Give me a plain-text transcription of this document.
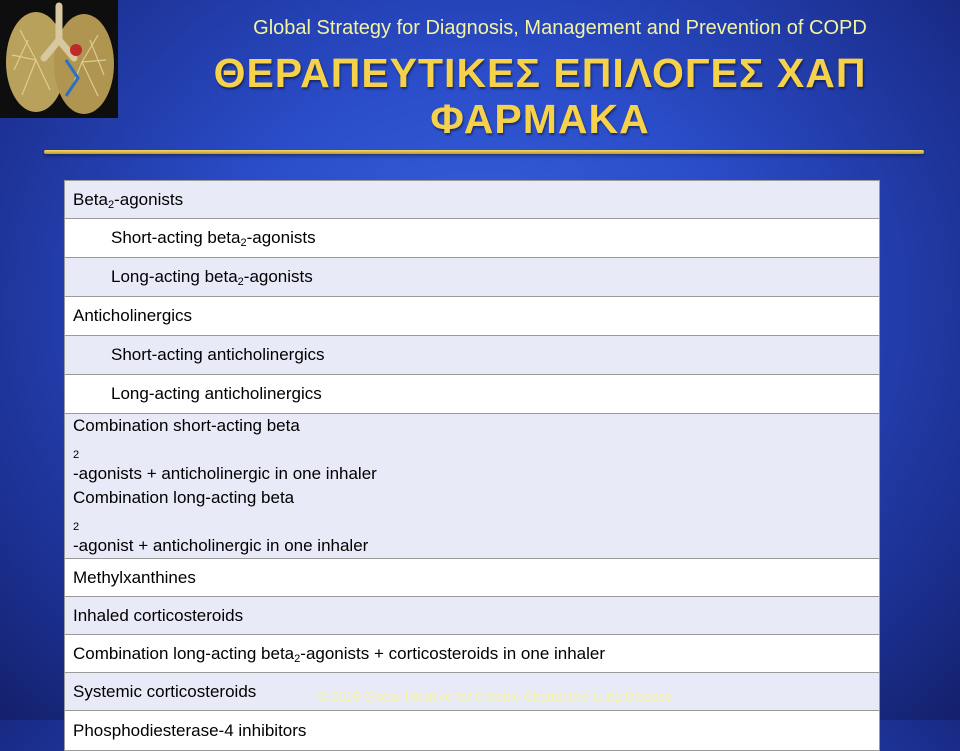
Global Strategy for Diagnosis, Management and Prevention of COPD
ΘΕΡΑΠΕΥΤΙΚΕΣ ΕΠΙΛΟΓΕΣ ΧΑΠ
ΦΑΡΜΑΚΑ
Beta$_2$-agonists
Short-acting beta$_2$-agonists
Long-acting beta$_2$-agonists
Anticholinergics
Short-acting anticholinergics
Long-acting anticholinergics

Combination short-acting beta
$_2$
-agonists + anticholinergic in one inhaler
Combination long-acting beta
$_2$
-agonist + anticholinergic in one inhaler

Methylxanthines
Inhaled corticosteroids
Combination long-acting beta$_2$-agonists + corticosteroids in one inhaler
Systemic corticosteroids
Phosphodiesterase-4 inhibitors
© 2015 Global Initiative for Chronic Obstructive Lung Disease
